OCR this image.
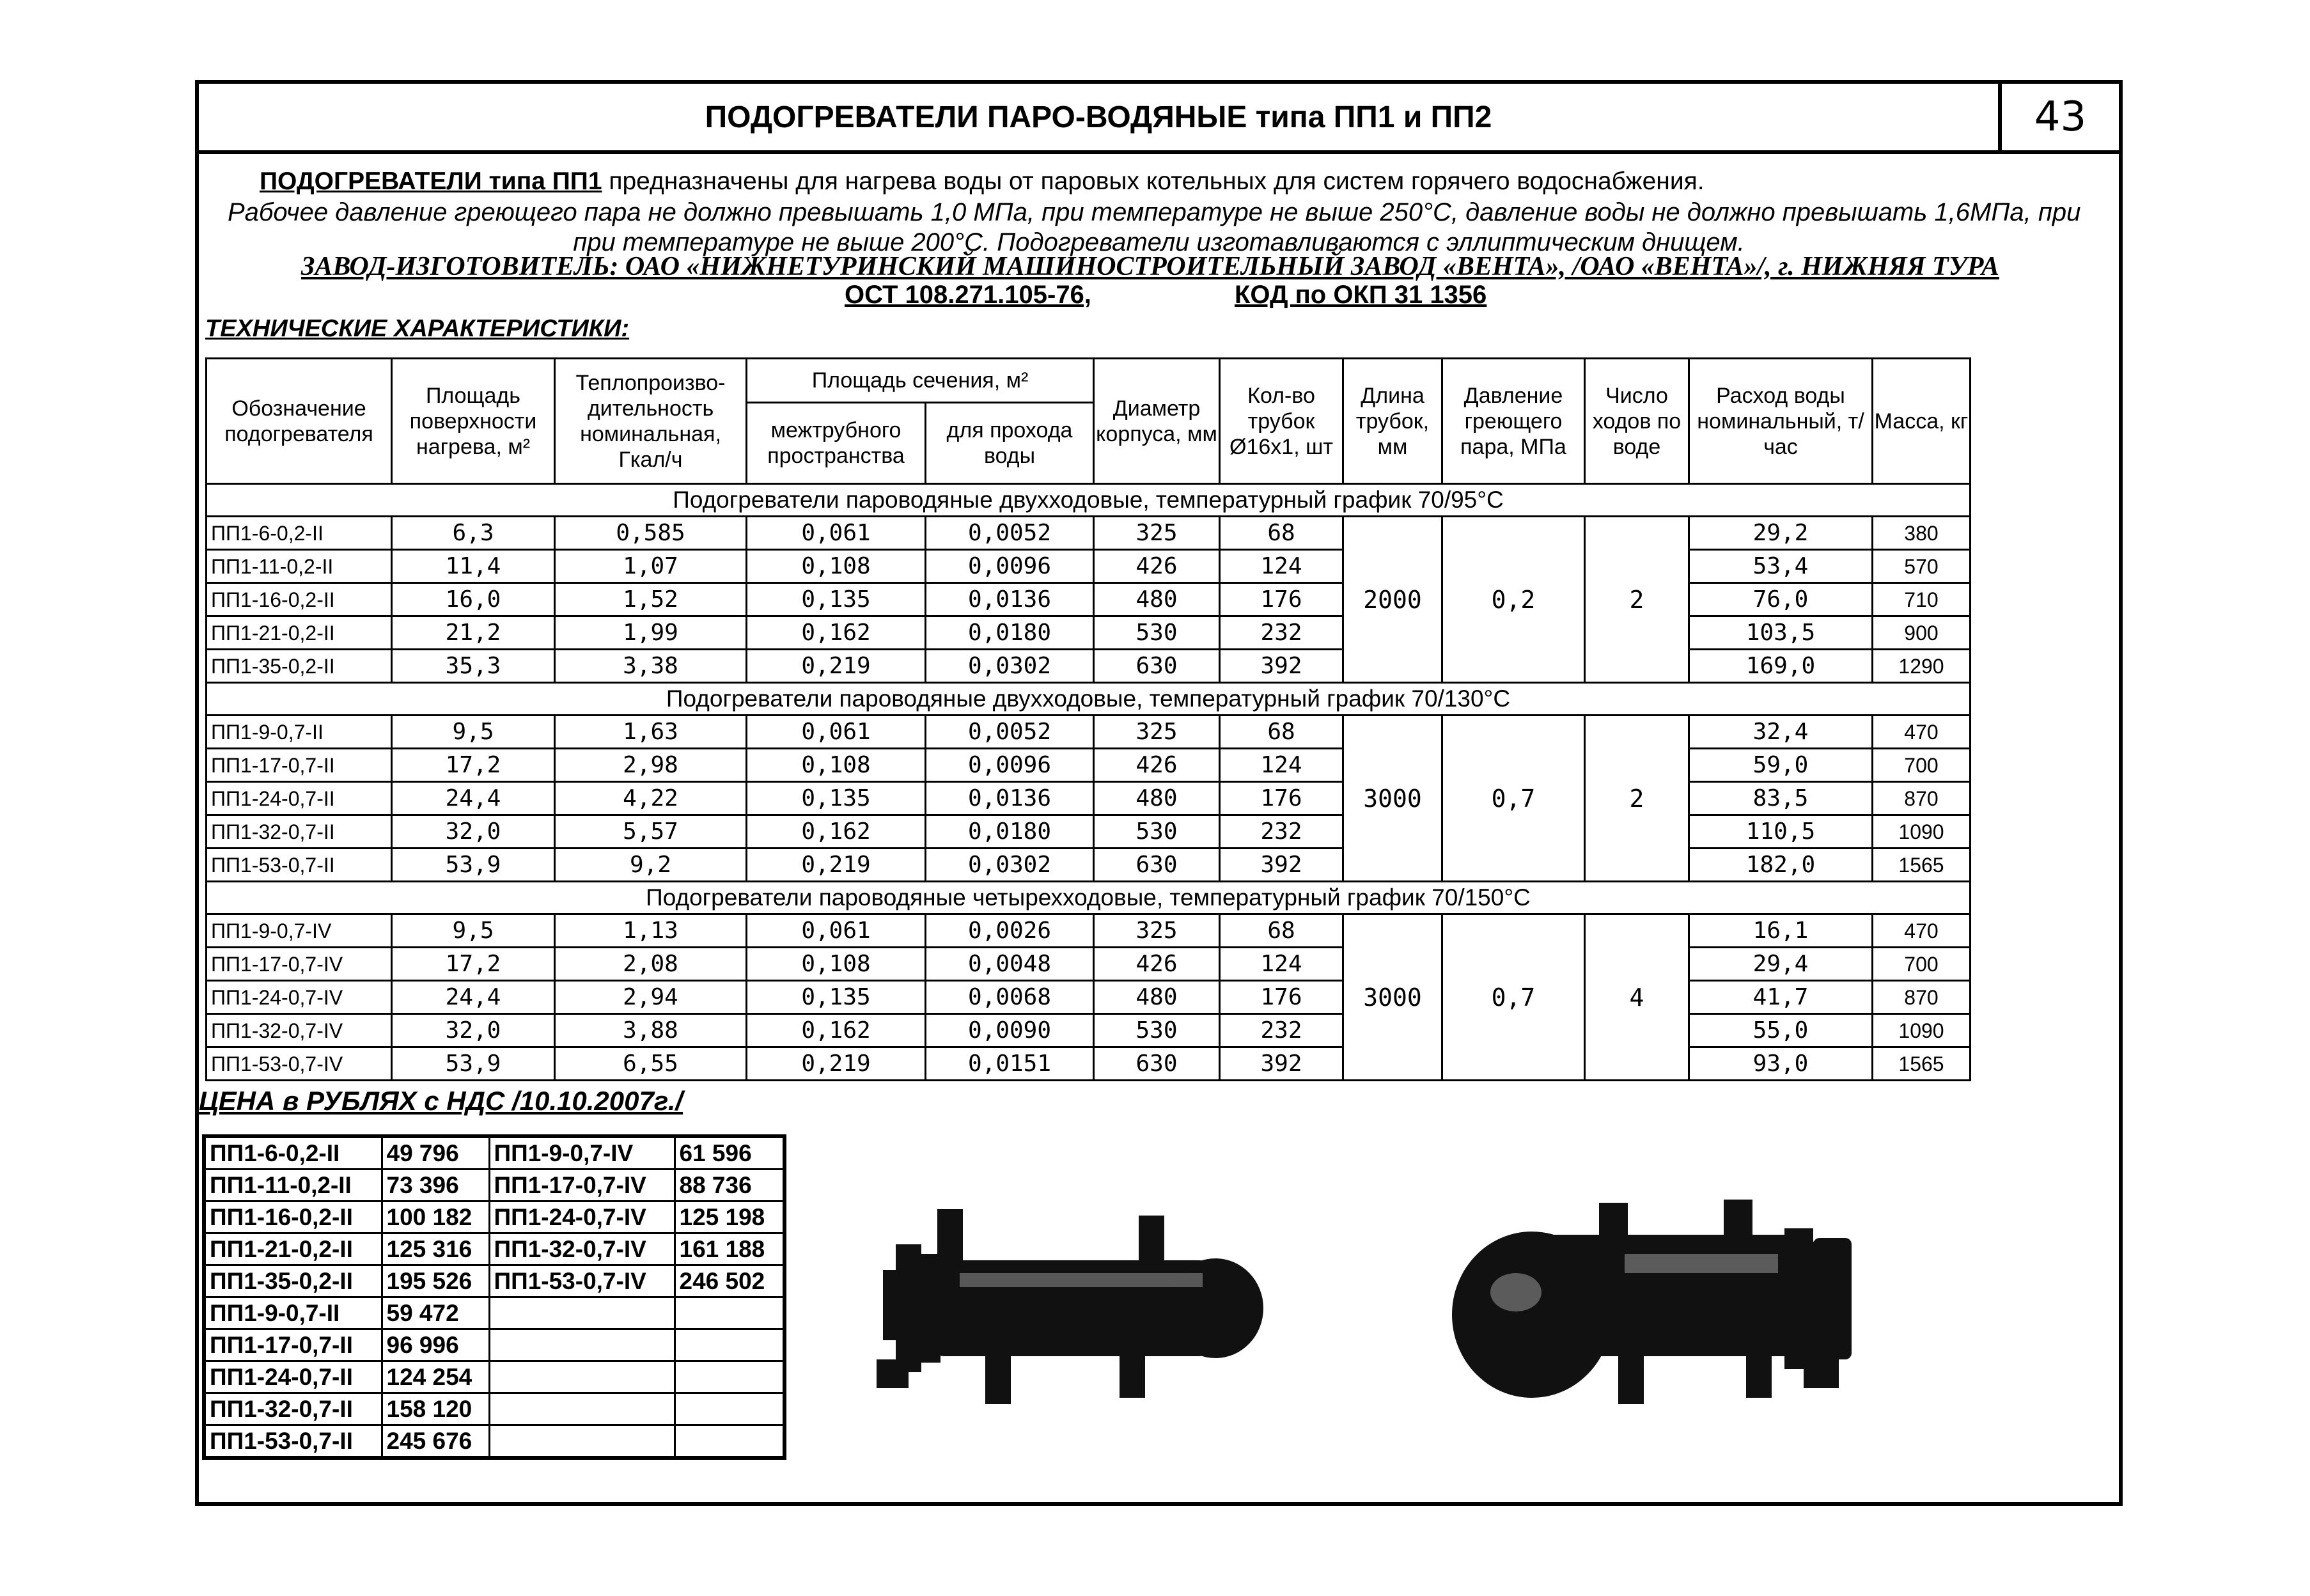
ПОДОГРЕВАТЕЛИ ПАРО-ВОДЯНЫЕ типа ПП1 и ПП2	43
ПОДОГРЕВАТЕЛИ типа ПП1 предназначены для нагрева воды от паровых котельных для систем горячего водоснабжения.
Рабочее давление греющего пара не должно превышать 1,0 МПа, при температуре не выше 250°С, давление воды не должно превышать 1,6МПа, при
при температуре не выше 200°С. Подогреватели изготавливаются с эллиптическим днищем.
ЗАВОД-ИЗГОТОВИТЕЛЬ: ОАО «НИЖНЕТУРИНСКИЙ МАШИНОСТРОИТЕЛЬНЫЙ ЗАВОД «ВЕНТА», /ОАО «ВЕНТА»/, г. НИЖНЯЯ ТУРА
ОСТ 108.271.105-76,	КОД по ОКП 31 1356
ТЕХНИЧЕСКИЕ ХАРАКТЕРИСТИКИ:
Обозначение подогревателя	Площадь поверхности нагрева, м²	Теплопроизво-дительность номинальная, Гкал/ч	Площадь сечения, м²		Диаметр корпуса, мм	Кол-во трубок Ø16x1, шт	Длина трубок, мм	Давление греющего пара, МПа	Число ходов по воде	Расход воды номинальный, т/час	Масса, кг
			межтрубного пространства	для прохода воды							
Подогреватели пароводяные двухходовые, температурный график 70/95°С											
ПП1-6-0,2-II	6,3	0,585	0,061	0,0052	325	68	2000	0,2	2	29,2	380
ПП1-11-0,2-II	11,4	1,07	0,108	0,0096	426	124				53,4	570
ПП1-16-0,2-II	16,0	1,52	0,135	0,0136	480	176				76,0	710
ПП1-21-0,2-II	21,2	1,99	0,162	0,0180	530	232				103,5	900
ПП1-35-0,2-II	35,3	3,38	0,219	0,0302	630	392				169,0	1290
Подогреватели пароводяные двухходовые, температурный график 70/130°С											
ПП1-9-0,7-II	9,5	1,63	0,061	0,0052	325	68	3000	0,7	2	32,4	470
ПП1-17-0,7-II	17,2	2,98	0,108	0,0096	426	124				59,0	700
ПП1-24-0,7-II	24,4	4,22	0,135	0,0136	480	176				83,5	870
ПП1-32-0,7-II	32,0	5,57	0,162	0,0180	530	232				110,5	1090
ПП1-53-0,7-II	53,9	9,2	0,219	0,0302	630	392				182,0	1565
Подогреватели пароводяные четырехходовые, температурный график 70/150°С											
ПП1-9-0,7-IV	9,5	1,13	0,061	0,0026	325	68	3000	0,7	4	16,1	470
ПП1-17-0,7-IV	17,2	2,08	0,108	0,0048	426	124				29,4	700
ПП1-24-0,7-IV	24,4	2,94	0,135	0,0068	480	176				41,7	870
ПП1-32-0,7-IV	32,0	3,88	0,162	0,0090	530	232				55,0	1090
ПП1-53-0,7-IV	53,9	6,55	0,219	0,0151	630	392				93,0	1565
ЦЕНА в РУБЛЯХ с НДС /10.10.2007г./
ПП1-6-0,2-II	49 796	ПП1-9-0,7-IV	61 596
ПП1-11-0,2-II	73 396	ПП1-17-0,7-IV	88 736
ПП1-16-0,2-II	100 182	ПП1-24-0,7-IV	125 198
ПП1-21-0,2-II	125 316	ПП1-32-0,7-IV	161 188
ПП1-35-0,2-II	195 526	ПП1-53-0,7-IV	246 502
ПП1-9-0,7-II	59 472		
ПП1-17-0,7-II	96 996		
ПП1-24-0,7-II	124 254		
ПП1-32-0,7-II	158 120		
ПП1-53-0,7-II	245 676		
